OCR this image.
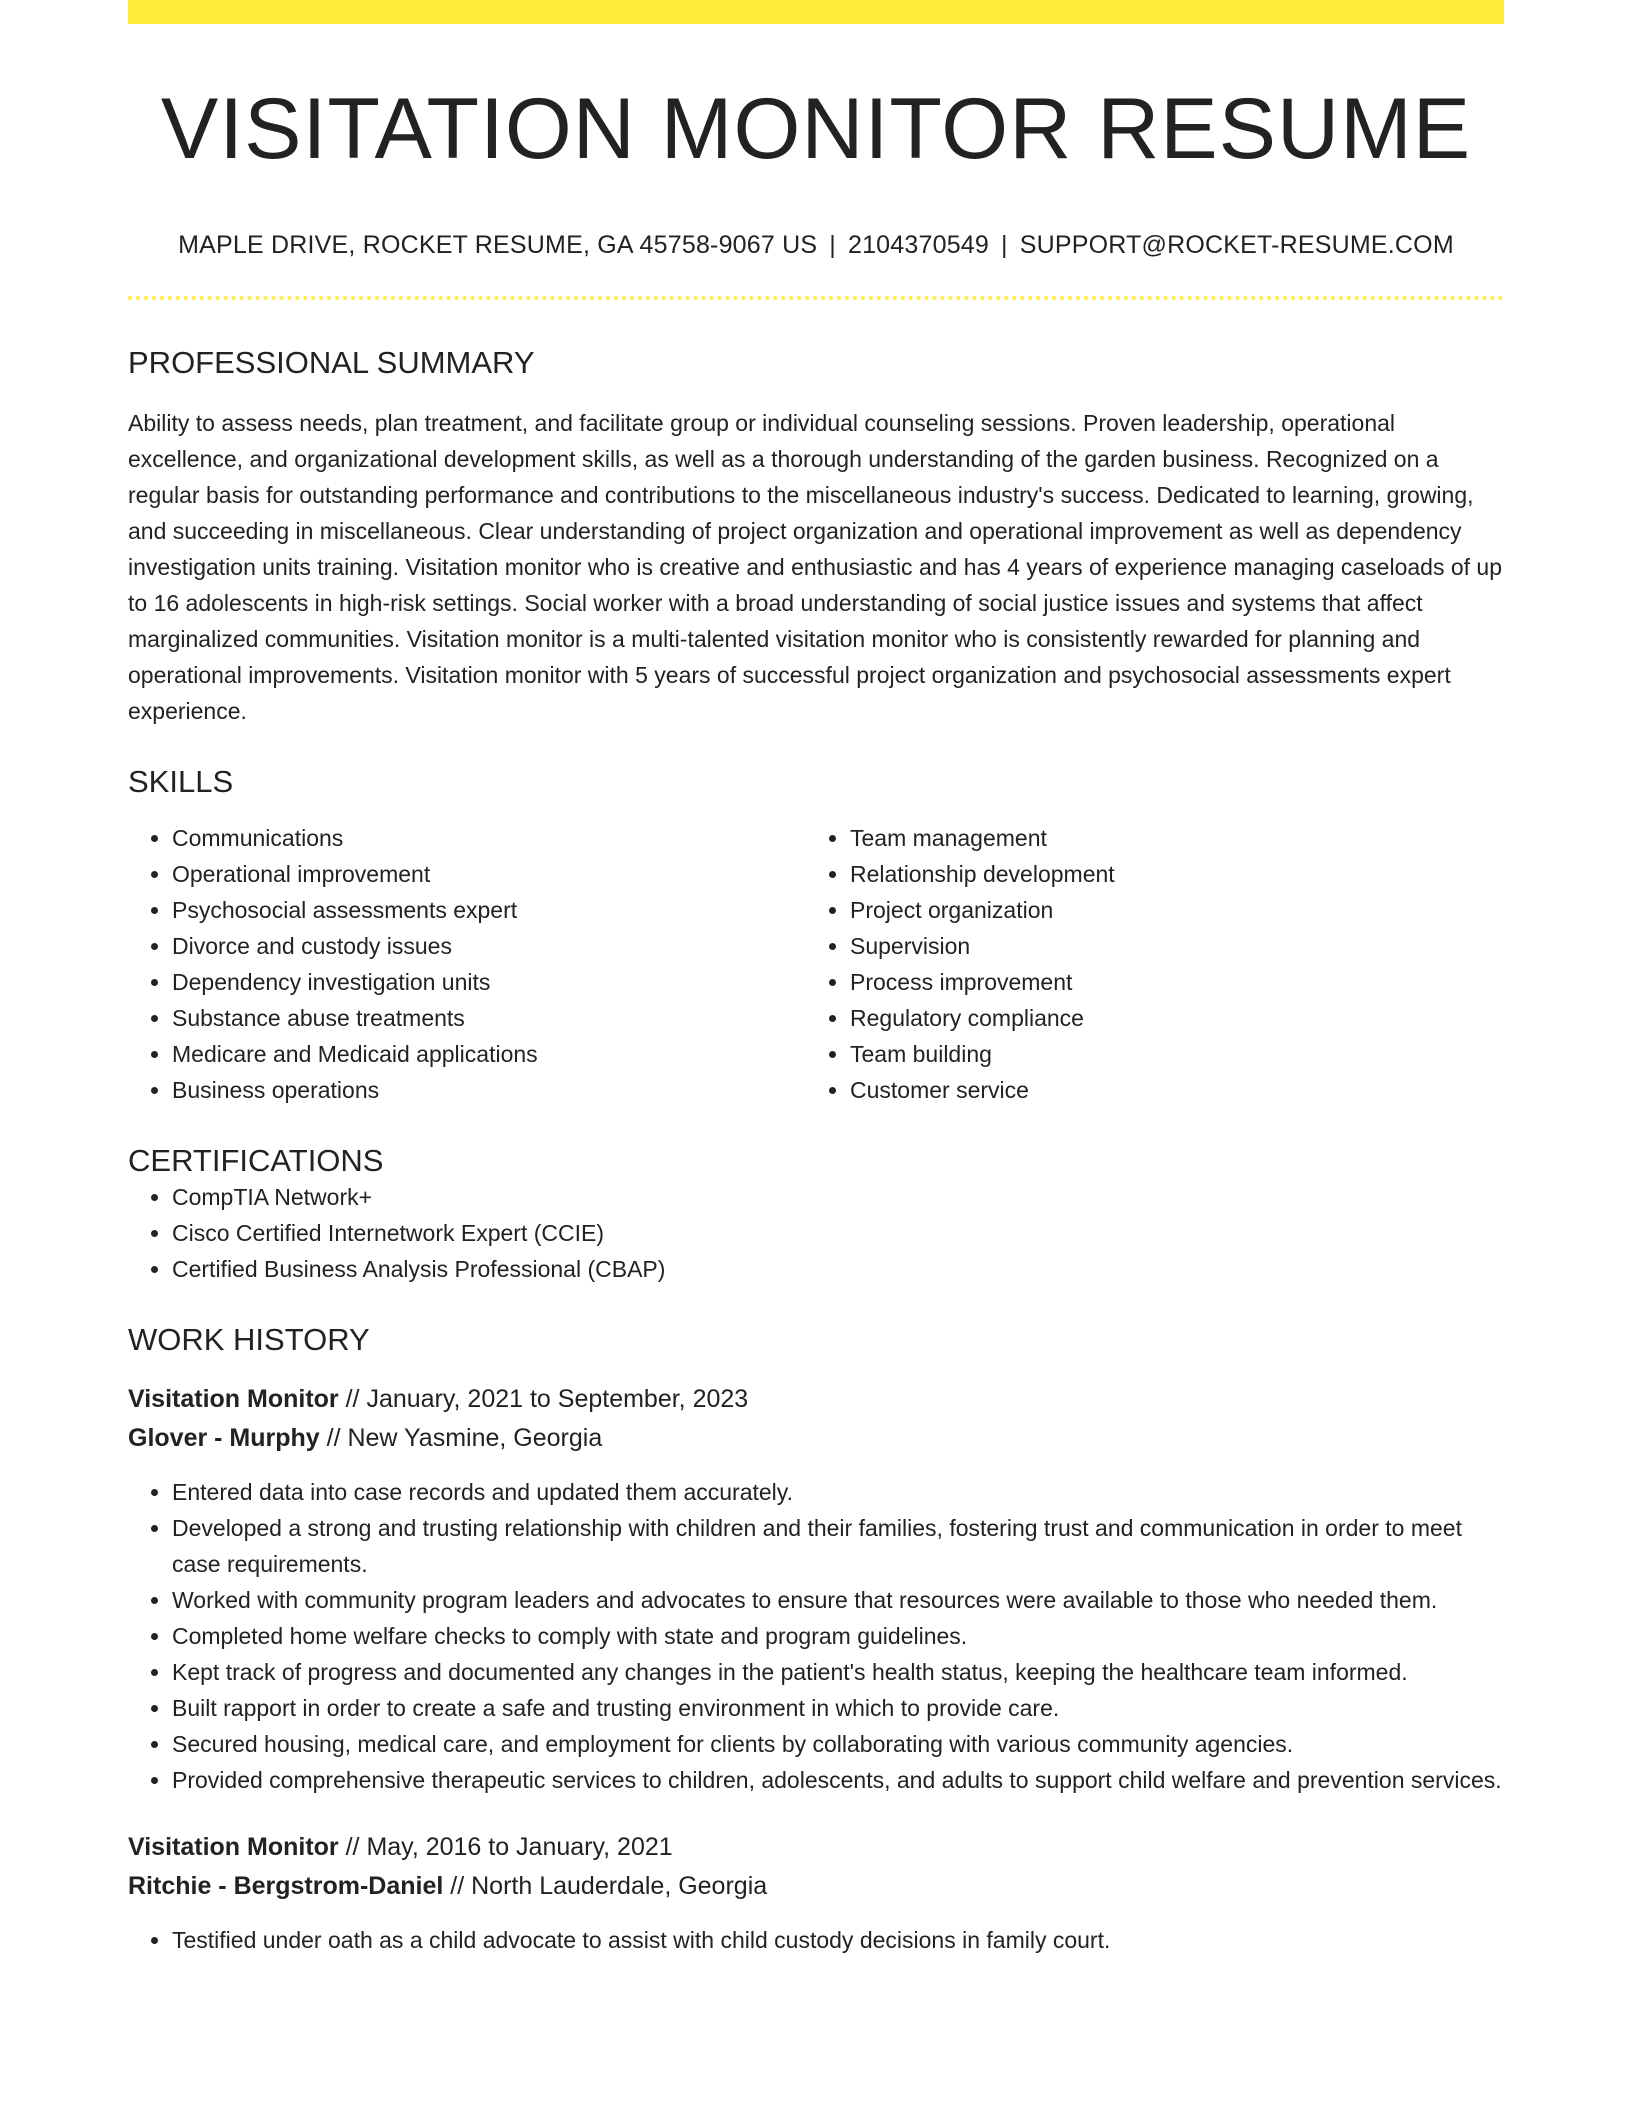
VISITATION MONITOR RESUME
MAPLE DRIVE, ROCKET RESUME, GA 45758-9067 US | 2104370549 | SUPPORT@ROCKET-RESUME.COM
PROFESSIONAL SUMMARY

Ability to assess needs, plan treatment, and facilitate group or individual counseling sessions. Proven leadership, operational excellence, and organizational development skills, as well as a thorough understanding of the garden business. Recognized on a regular basis for outstanding performance and contributions to the miscellaneous industry's success. Dedicated to learning, growing, and succeeding in miscellaneous. Clear understanding of project organization and operational improvement as well as dependency investigation units training. Visitation monitor who is creative and enthusiastic and has 4 years of experience managing caseloads of up to 16 adolescents in high-risk settings. Social worker with a broad understanding of social justice issues and systems that affect marginalized communities. Visitation monitor is a multi-talented visitation monitor who is consistently rewarded for planning and operational improvements. Visitation monitor with 5 years of successful project organization and psychosocial assessments expert experience.

SKILLS
• Communications
• Operational improvement
• Psychosocial assessments expert
• Divorce and custody issues
• Dependency investigation units
• Substance abuse treatments
• Medicare and Medicaid applications
• Business operations
• Team management
• Relationship development
• Project organization
• Supervision
• Process improvement
• Regulatory compliance
• Team building
• Customer service
CERTIFICATIONS
• CompTIA Network+
• Cisco Certified Internetwork Expert (CCIE)
• Certified Business Analysis Professional (CBAP)
WORK HISTORY
Visitation Monitor // January, 2021 to September, 2023
Glover - Murphy // New Yasmine, Georgia
• Entered data into case records and updated them accurately.
• Developed a strong and trusting relationship with children and their families, fostering trust and communication in order to meet case requirements.
• Worked with community program leaders and advocates to ensure that resources were available to those who needed them.
• Completed home welfare checks to comply with state and program guidelines.
• Kept track of progress and documented any changes in the patient's health status, keeping the healthcare team informed.
• Built rapport in order to create a safe and trusting environment in which to provide care.
• Secured housing, medical care, and employment for clients by collaborating with various community agencies.
• Provided comprehensive therapeutic services to children, adolescents, and adults to support child welfare and prevention services.
Visitation Monitor // May, 2016 to January, 2021
Ritchie - Bergstrom-Daniel // North Lauderdale, Georgia
• Testified under oath as a child advocate to assist with child custody decisions in family court.
